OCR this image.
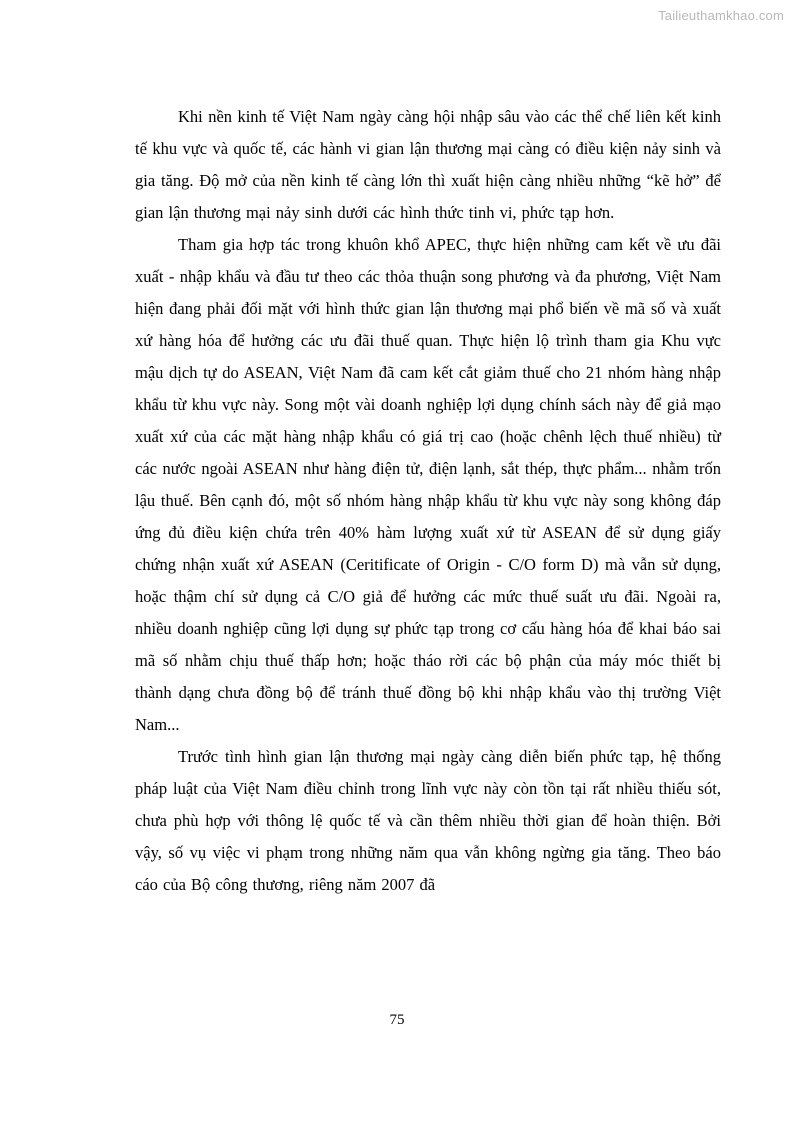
Tailieuthamkhao.com

Khi nền kinh tế Việt Nam ngày càng hội nhập sâu vào các thể chế liên kết kinh tế khu vực và quốc tế, các hành vi gian lận thương mại càng có điều kiện nảy sinh và gia tăng. Độ mở của nền kinh tế càng lớn thì xuất hiện càng nhiều những “kẽ hở” để gian lận thương mại nảy sinh dưới các hình thức tinh vi, phức tạp hơn.

Tham gia hợp tác trong khuôn khổ APEC, thực hiện những cam kết về ưu đãi xuất - nhập khẩu và đầu tư theo các thỏa thuận song phương và đa phương, Việt Nam hiện đang phải đối mặt với hình thức gian lận thương mại phổ biến về mã số và xuất xứ hàng hóa để hưởng các ưu đãi thuế quan. Thực hiện lộ trình tham gia Khu vực mậu dịch tự do ASEAN, Việt Nam đã cam kết cắt giảm thuế cho 21 nhóm hàng nhập khẩu từ khu vực này. Song một vài doanh nghiệp lợi dụng chính sách này để giả mạo xuất xứ của các mặt hàng nhập khẩu có giá trị cao (hoặc chênh lệch thuế nhiều) từ các nước ngoài ASEAN như hàng điện tử, điện lạnh, sắt thép, thực phẩm... nhằm trốn lậu thuế. Bên cạnh đó, một số nhóm hàng nhập khẩu từ khu vực này song không đáp ứng đủ điều kiện chứa trên 40% hàm lượng xuất xứ từ ASEAN để sử dụng giấy chứng nhận xuất xứ ASEAN (Ceritificate of Origin - C/O form D) mà vẫn sử dụng, hoặc thậm chí sử dụng cả C/O giả để hưởng các mức thuế suất ưu đãi. Ngoài ra, nhiều doanh nghiệp cũng lợi dụng sự phức tạp trong cơ cấu hàng hóa để khai báo sai mã số nhằm chịu thuế thấp hơn; hoặc tháo rời các bộ phận của máy móc thiết bị thành dạng chưa đồng bộ để tránh thuế đồng bộ khi nhập khẩu vào thị trường Việt Nam...

Trước tình hình gian lận thương mại ngày càng diễn biến phức tạp, hệ thống pháp luật của Việt Nam điều chỉnh trong lĩnh vực này còn tồn tại rất nhiều thiếu sót, chưa phù hợp với thông lệ quốc tế và cần thêm nhiều thời gian để hoàn thiện. Bởi vậy, số vụ việc vi phạm trong những năm qua vẫn không ngừng gia tăng. Theo báo cáo của Bộ công thương, riêng năm 2007 đã

75
